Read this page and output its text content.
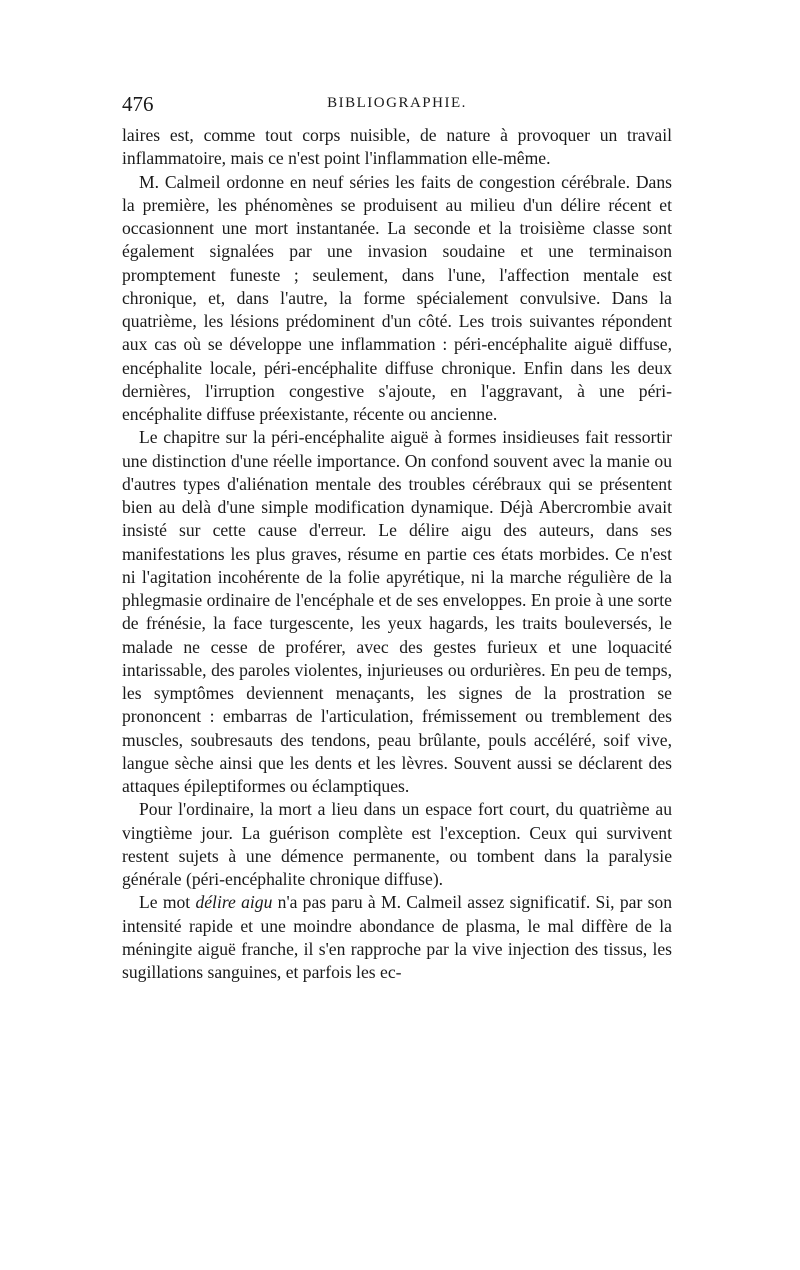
476	BIBLIOGRAPHIE.

laires est, comme tout corps nuisible, de nature à provoquer un travail inflammatoire, mais ce n'est point l'inflammation elle-même.

M. Calmeil ordonne en neuf séries les faits de congestion cérébrale. Dans la première, les phénomènes se produisent au milieu d'un délire récent et occasionnent une mort instantanée. La seconde et la troisième classe sont également signalées par une invasion soudaine et une terminaison promptement funeste ; seulement, dans l'une, l'affection mentale est chronique, et, dans l'autre, la forme spécialement convulsive. Dans la quatrième, les lésions prédominent d'un côté. Les trois suivantes répondent aux cas où se développe une inflammation : péri-encéphalite aiguë diffuse, encéphalite locale, péri-encéphalite diffuse chronique. Enfin dans les deux dernières, l'irruption congestive s'ajoute, en l'aggravant, à une péri-encéphalite diffuse préexistante, récente ou ancienne.

Le chapitre sur la péri-encéphalite aiguë à formes insidieuses fait ressortir une distinction d'une réelle importance. On confond souvent avec la manie ou d'autres types d'aliénation mentale des troubles cérébraux qui se présentent bien au delà d'une simple modification dynamique. Déjà Abercrombie avait insisté sur cette cause d'erreur. Le délire aigu des auteurs, dans ses manifestations les plus graves, résume en partie ces états morbides. Ce n'est ni l'agitation incohérente de la folie apyrétique, ni la marche régulière de la phlegmasie ordinaire de l'encéphale et de ses enveloppes. En proie à une sorte de frénésie, la face turgescente, les yeux hagards, les traits bouleversés, le malade ne cesse de proférer, avec des gestes furieux et une loquacité intarissable, des paroles violentes, injurieuses ou ordurières. En peu de temps, les symptômes deviennent menaçants, les signes de la prostration se prononcent : embarras de l'articulation, frémissement ou tremblement des muscles, soubresauts des tendons, peau brûlante, pouls accéléré, soif vive, langue sèche ainsi que les dents et les lèvres. Souvent aussi se déclarent des attaques épileptiformes ou éclamptiques.

Pour l'ordinaire, la mort a lieu dans un espace fort court, du quatrième au vingtième jour. La guérison complète est l'exception. Ceux qui survivent restent sujets à une démence permanente, ou tombent dans la paralysie générale (péri-encéphalite chronique diffuse).

Le mot délire aigu n'a pas paru à M. Calmeil assez significatif. Si, par son intensité rapide et une moindre abondance de plasma, le mal diffère de la méningite aiguë franche, il s'en rapproche par la vive injection des tissus, les sugillations sanguines, et parfois les ec-
